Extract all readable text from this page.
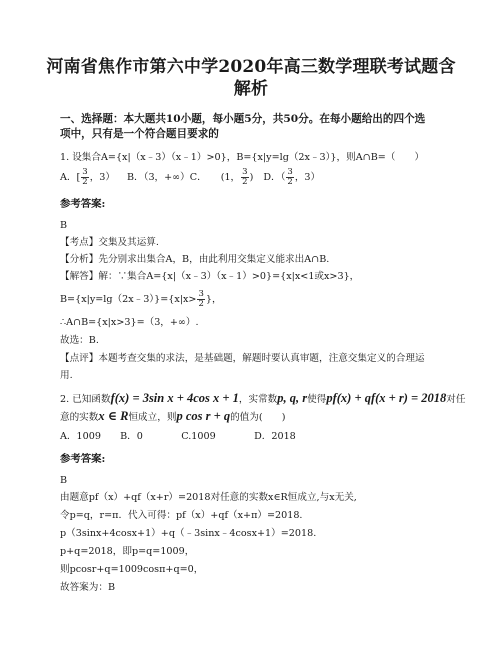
河南省焦作市第六中学2020年高三数学理联考试题含
解析
一、选择题：本大题共10小题，每小题5分，共50分。在每小题给出的四个选
项中，只有是一个符合题目要求的
1. 设集合A={x|（x﹣3）（x﹣1）>0}，B={x|y=lg（2x﹣3）}，则A∩B=（　　）
A．[ $\frac{3}{2}$ ，3） B．（3，+∞）C． (1， $\frac{3}{2}$ ) D．（ $\frac{3}{2}$ ，3）
参考答案:
B
【考点】交集及其运算.
【分析】先分别求出集合A，B，由此利用交集定义能求出A∩B.
【解答】解：∵集合A={x|（x﹣3）（x﹣1）>0}={x|x<1或x>3}，
B={x|y=lg（2x﹣3）}={x|x> $\frac{3}{2}$ }，
∴A∩B={x|x>3}=（3，+∞）.
故选：B.
【点评】本题考查交集的求法，是基础题，解题时要认真审题，注意交集定义的合理运
用.
2. 已知函数f(x) = 3sin x + 4cos x + 1，实常数p, q, r使得pf(x) + qf(x + r) = 2018对任
意的实数x ∈ R恒成立，则p cos r + q的值为(　　)
A．1009　　B．0　　　　C.1009　　　　D．2018
参考答案:
B
由题意pf（x）+qf（x+r）=2018对任意的实数x∈R恒成立,与x无关,
令p=q，r=π．代入可得：pf（x）+qf（x+π）=2018.
p（3sinx+4cosx+1）+q（﹣3sinx﹣4cosx+1）=2018.
p+q=2018，即p=q=1009，
则pcosr+q=1009cosπ+q=0，
故答案为：B
